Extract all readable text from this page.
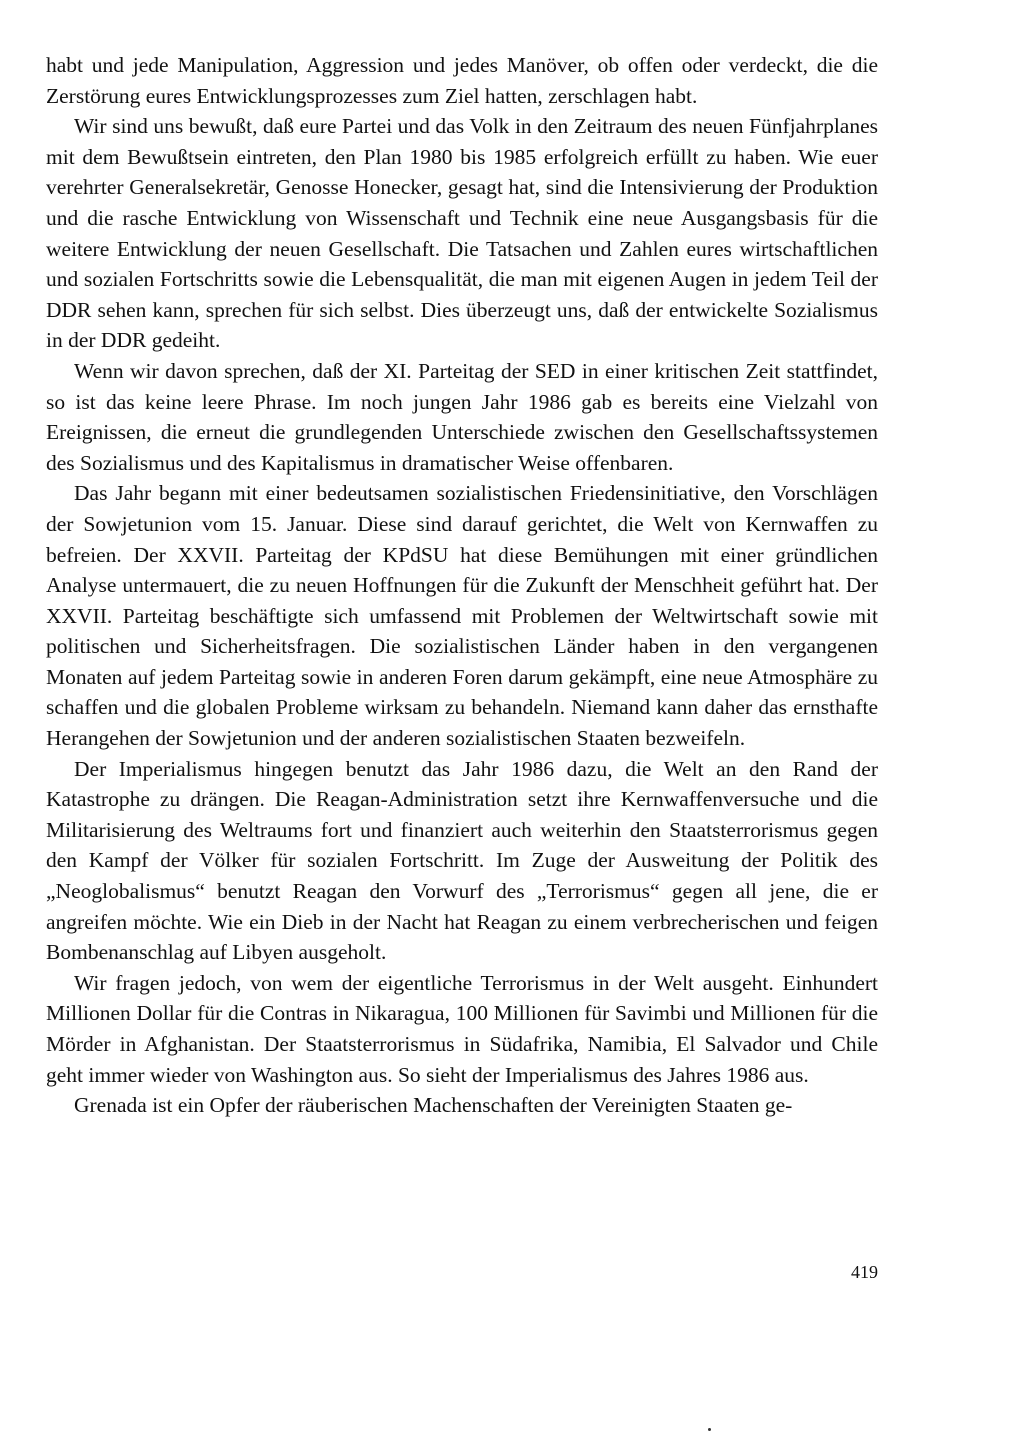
habt und jede Manipulation, Aggression und jedes Manöver, ob offen oder verdeckt, die die Zerstörung eures Entwicklungsprozesses zum Ziel hatten, zerschlagen habt.

Wir sind uns bewußt, daß eure Partei und das Volk in den Zeitraum des neuen Fünfjahrplanes mit dem Bewußtsein eintreten, den Plan 1980 bis 1985 erfolgreich erfüllt zu haben. Wie euer verehrter Generalsekretär, Genosse Honecker, gesagt hat, sind die Intensivierung der Produktion und die rasche Entwicklung von Wissenschaft und Technik eine neue Ausgangsbasis für die weitere Entwicklung der neuen Gesellschaft. Die Tatsachen und Zahlen eures wirtschaftlichen und sozialen Fortschritts sowie die Lebensqualität, die man mit eigenen Augen in jedem Teil der DDR sehen kann, sprechen für sich selbst. Dies überzeugt uns, daß der entwickelte Sozialismus in der DDR gedeiht.

Wenn wir davon sprechen, daß der XI. Parteitag der SED in einer kritischen Zeit stattfindet, so ist das keine leere Phrase. Im noch jungen Jahr 1986 gab es bereits eine Vielzahl von Ereignissen, die erneut die grundlegenden Unterschiede zwischen den Gesellschaftssystemen des Sozialismus und des Kapitalismus in dramatischer Weise offenbaren.

Das Jahr begann mit einer bedeutsamen sozialistischen Friedensinitiative, den Vorschlägen der Sowjetunion vom 15. Januar. Diese sind darauf gerichtet, die Welt von Kernwaffen zu befreien. Der XXVII. Parteitag der KPdSU hat diese Bemühungen mit einer gründlichen Analyse untermauert, die zu neuen Hoffnungen für die Zukunft der Menschheit geführt hat. Der XXVII. Parteitag beschäftigte sich umfassend mit Problemen der Weltwirtschaft sowie mit politischen und Sicherheitsfragen. Die sozialistischen Länder haben in den vergangenen Monaten auf jedem Parteitag sowie in anderen Foren darum gekämpft, eine neue Atmosphäre zu schaffen und die globalen Probleme wirksam zu behandeln. Niemand kann daher das ernsthafte Herangehen der Sowjetunion und der anderen sozialistischen Staaten bezweifeln.

Der Imperialismus hingegen benutzt das Jahr 1986 dazu, die Welt an den Rand der Katastrophe zu drängen. Die Reagan-Administration setzt ihre Kernwaffenversuche und die Militarisierung des Weltraums fort und finanziert auch weiterhin den Staatsterrorismus gegen den Kampf der Völker für sozialen Fortschritt. Im Zuge der Ausweitung der Politik des „Neoglobalismus“ benutzt Reagan den Vorwurf des „Terrorismus“ gegen all jene, die er angreifen möchte. Wie ein Dieb in der Nacht hat Reagan zu einem verbrecherischen und feigen Bombenanschlag auf Libyen ausgeholt.

Wir fragen jedoch, von wem der eigentliche Terrorismus in der Welt ausgeht. Einhundert Millionen Dollar für die Contras in Nikaragua, 100 Millionen für Savimbi und Millionen für die Mörder in Afghanistan. Der Staatsterrorismus in Südafrika, Namibia, El Salvador und Chile geht immer wieder von Washington aus. So sieht der Imperialismus des Jahres 1986 aus.

Grenada ist ein Opfer der räuberischen Machenschaften der Vereinigten Staaten ge-

419
